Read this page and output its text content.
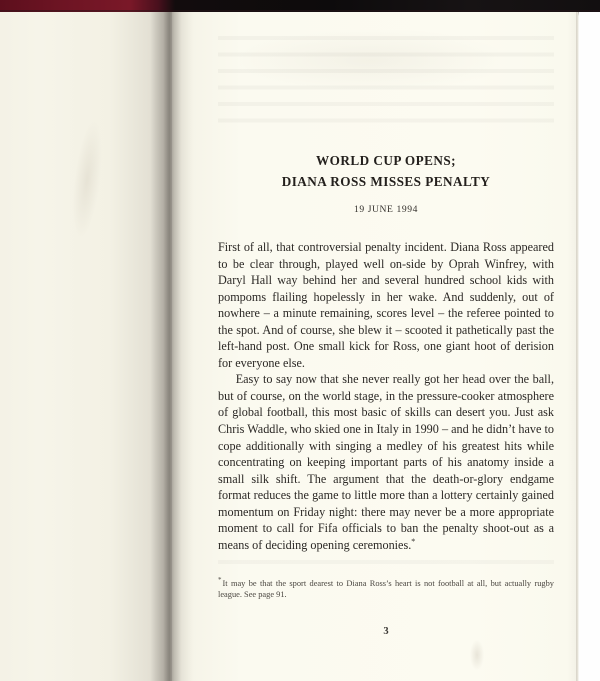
WORLD CUP OPENS;
DIANA ROSS MISSES PENALTY
19 JUNE 1994

First of all, that controversial penalty incident. Diana Ross appeared to be clear through, played well on-side by Oprah Winfrey, with Daryl Hall way behind her and several hundred school kids with pompoms flailing hopelessly in her wake. And suddenly, out of nowhere – a minute remaining, scores level – the referee pointed to the spot. And of course, she blew it – scooted it pathetically past the left-hand post. One small kick for Ross, one giant hoot of derision for everyone else.

Easy to say now that she never really got her head over the ball, but of course, on the world stage, in the pressure-cooker atmosphere of global football, this most basic of skills can desert you. Just ask Chris Waddle, who skied one in Italy in 1990 – and he didn’t have to cope additionally with singing a medley of his greatest hits while concentrating on keeping important parts of his anatomy inside a small silk shift. The argument that the death-or-glory endgame format reduces the game to little more than a lottery certainly gained momentum on Friday night: there may never be a more appropriate moment to call for Fifa officials to ban the penalty shoot-out as a means of deciding opening ceremonies.*

*It may be that the sport dearest to Diana Ross’s heart is not football at all, but actually rugby league. See page 91.
3
